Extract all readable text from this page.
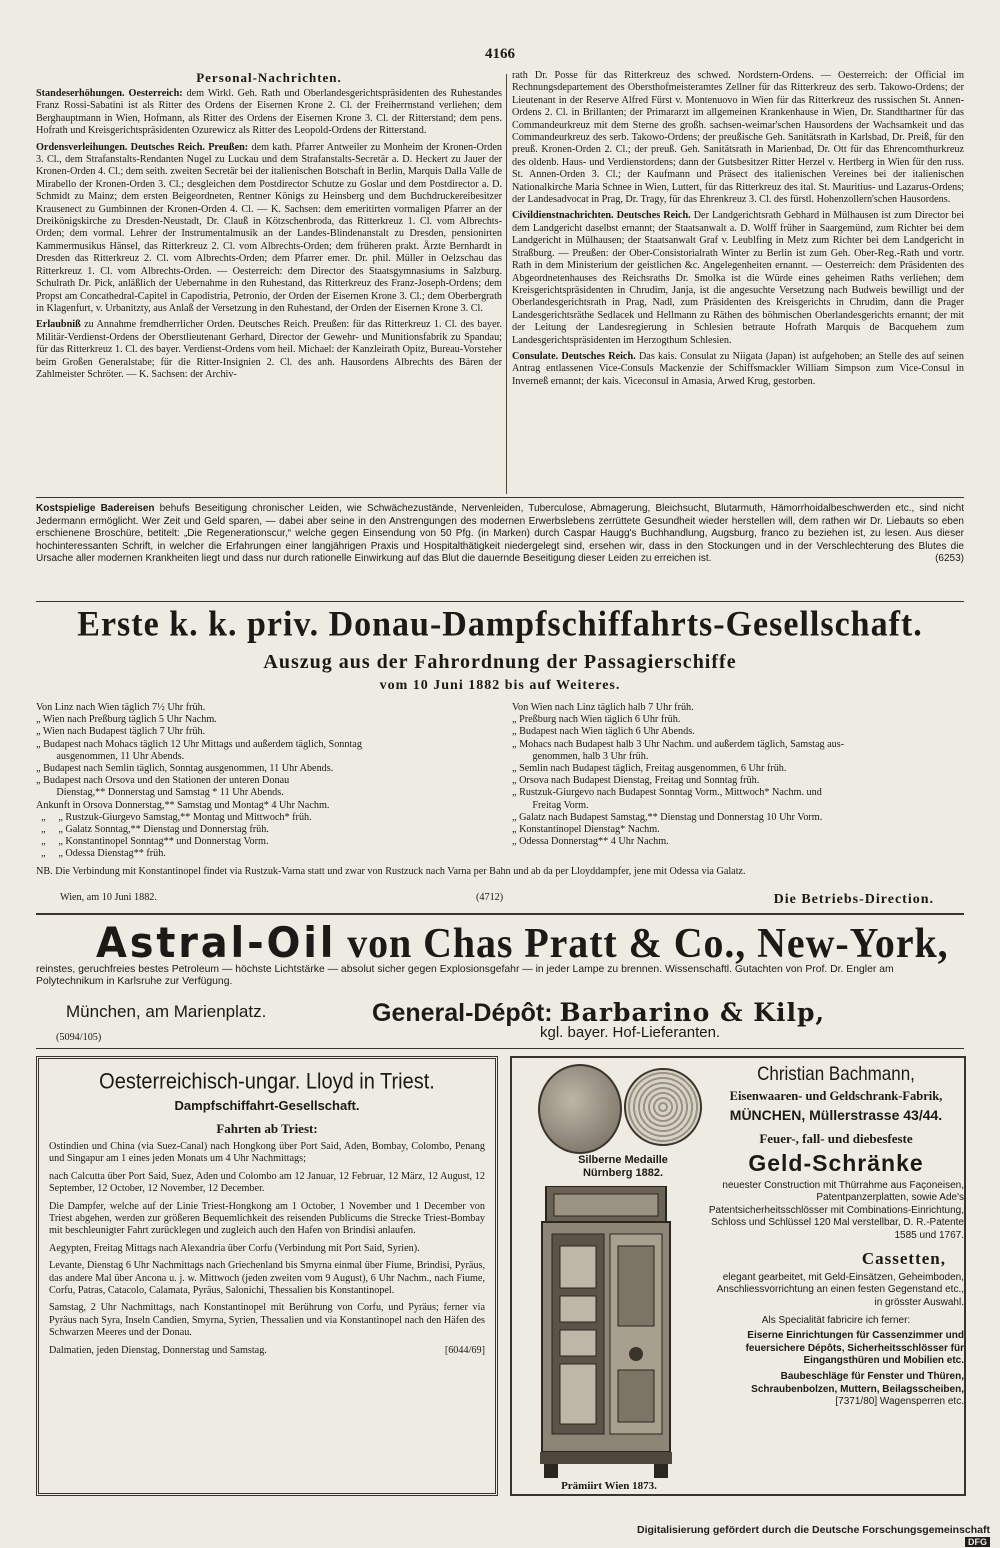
4166
Personal-Nachrichten.

Standeserhöhungen. Oesterreich: dem Wirkl. Geh. Rath und Oberlandesgerichtspräsidenten des Ruhestandes Franz Rossi-Sabatini ist als Ritter des Ordens der Eisernen Krone 2. Cl. der Freiherrnstand verliehen; dem Berghauptmann in Wien, Hofmann, als Ritter des Ordens der Eisernen Krone 3. Cl. der Ritterstand; dem pens. Hofrath und Kreisgerichtspräsidenten Ozurewicz als Ritter des Leopold-Ordens der Ritterstand.

Ordensverleihungen. Deutsches Reich. Preußen: dem kath. Pfarrer Antweiler zu Monheim der Kronen-Orden 3. Cl., dem Strafanstalts-Rendanten Nugel zu Luckau und dem Strafanstalts-Secretär a. D. Heckert zu Jauer der Kronen-Orden 4. Cl.; dem seith. zweiten Secretär bei der italienischen Botschaft in Berlin, Marquis Dalla Valle de Mirabello der Kronen-Orden 3. Cl.; desgleichen dem Postdirector Schutze zu Goslar und dem Postdirector a. D. Schmidt zu Mainz; dem ersten Beigeordneten, Rentner Königs zu Heinsberg und dem Buchdruckereibesitzer Krausenect zu Gumbinnen der Kronen-Orden 4. Cl. — K. Sachsen: dem emeritirten vormaligen Pfarrer an der Dreikönigskirche zu Dresden-Neustadt, Dr. Clauß in Kötzschenbroda, das Ritterkreuz 1. Cl. vom Albrechts-Orden; dem vormal. Lehrer der Instrumentalmusik an der Landes-Blindenanstalt zu Dresden, pensionirten Kammermusikus Hänsel, das Ritterkreuz 2. Cl. vom Albrechts-Orden; dem früheren prakt. Ärzte Bernhardt in Dresden das Ritterkreuz 2. Cl. vom Albrechts-Orden; dem Pfarrer emer. Dr. phil. Müller in Oelzschau das Ritterkreuz 1. Cl. vom Albrechts-Orden. — Oesterreich: dem Director des Staatsgymnasiums in Salzburg. Schulrath Dr. Pick, anläßlich der Uebernahme in den Ruhestand, das Ritterkreuz des Franz-Joseph-Ordens; dem Propst am Concathedral-Capitel in Capodistria, Petronio, der Orden der Eisernen Krone 3. Cl.; dem Oberbergrath in Klagenfurt, v. Urbanitzty, aus Anlaß der Versetzung in den Ruhestand, der Orden der Eisernen Krone 3. Cl.

Erlaubniß zu Annahme fremdherrlicher Orden. Deutsches Reich. Preußen: für das Ritterkreuz 1. Cl. des bayer. Militär-Verdienst-Ordens der Oberstlieutenant Gerhard, Director der Gewehr- und Munitionsfabrik zu Spandau; für das Ritterkreuz 1. Cl. des bayer. Verdienst-Ordens vom heil. Michael: der Kanzleirath Opitz, Bureau-Vorsteher beim Großen Generalstabe; für die Ritter-Insignien 2. Cl. des anh. Hausordens Albrechts des Bären der Zahlmeister Schröter. — K. Sachsen: der Archiv-

rath Dr. Posse für das Ritterkreuz des schwed. Nordstern-Ordens. — Oesterreich: der Official im Rechnungsdepartement des Obersthofmeisteramtes Zellner für das Ritterkreuz des serb. Takowo-Ordens; der Lieutenant in der Reserve Alfred Fürst v. Montenuovo in Wien für das Ritterkreuz des russischen St. Annen-Ordens 2. Cl. in Brillanten; der Primararzt im allgemeinen Krankenhause in Wien, Dr. Standthartner für das Commandeurkreuz mit dem Sterne des großh. sachsen-weimar'schen Hausordens der Wachsamkeit und das Commandeurkreuz des serb. Takowo-Ordens; der preußische Geh. Sanitätsrath in Karlsbad, Dr. Preiß, für den preuß. Kronen-Orden 2. Cl.; der preuß. Geh. Sanitätsrath in Marienbad, Dr. Ott für das Ehrencomthurkreuz des oldenb. Haus- und Verdienstordens; dann der Gutsbesitzer Ritter Herzel v. Hertberg in Wien für den russ. St. Annen-Orden 3. Cl.; der Kaufmann und Präsect des italienischen Vereines bei der italienischen Nationalkirche Maria Schnee in Wien, Luttert, für das Ritterkreuz des ital. St. Mauritius- und Lazarus-Ordens; der Landesadvocat in Prag, Dr. Tragy, für das Ehrenkreuz 3. Cl. des fürstl. Hohenzollern'schen Hausordens.

Civildienstnachrichten. Deutsches Reich. Der Landgerichtsrath Gebhard in Mülhausen ist zum Director bei dem Landgericht daselbst ernannt; der Staatsanwalt a. D. Wolff früher in Saargemünd, zum Richter bei dem Landgericht in Mülhausen; der Staatsanwalt Graf v. Leublfing in Metz zum Richter bei dem Landgericht in Straßburg. — Preußen: der Ober-Consistorialrath Winter zu Berlin ist zum Geh. Ober-Reg.-Rath und vortr. Rath in dem Ministerium der geistlichen &c. Angelegenheiten ernannt. — Oesterreich: dem Präsidenten des Abgeordnetenhauses des Reichsraths Dr. Smolka ist die Würde eines geheimen Raths verliehen; dem Kreisgerichtspräsidenten in Chrudim, Janja, ist die angesuchte Versetzung nach Budweis bewilligt und der Oberlandesgerichtsrath in Prag, Nadl, zum Präsidenten des Kreisgerichts in Chrudim, dann die Prager Landesgerichtsräthe Sedlacek und Hellmann zu Räthen des böhmischen Oberlandesgerichts ernannt; der mit der Leitung der Landesregierung in Schlesien betraute Hofrath Marquis de Bacquehem zum Landesgerichtspräsidenten im Herzogthum Schlesien.

Consulate. Deutsches Reich. Das kais. Consulat zu Niigata (Japan) ist aufgehoben; an Stelle des auf seinen Antrag entlassenen Vice-Consuls Mackenzie der Schiffsmackler William Simpson zum Vice-Consul in Inverneß ernannt; der kais. Viceconsul in Amasia, Arwed Krug, gestorben.

Kostspielige Badereisen behufs Beseitigung chronischer Leiden, wie Schwächezustände, Nervenleiden, Tuberculose, Abmagerung, Bleichsucht, Blutarmuth, Hämorrhoidalbeschwerden etc., sind nicht Jedermann ermöglicht. Wer Zeit und Geld sparen, — dabei aber seine in den Anstrengungen des modernen Erwerbslebens zerrüttete Gesundheit wieder herstellen will, dem rathen wir Dr. Liebauts so eben erschienene Broschüre, betitelt: „Die Regenerationscur,“ welche gegen Einsendung von 50 Pfg. (in Marken) durch Caspar Haugg's Buchhandlung, Augsburg, franco zu beziehen ist, zu lesen. Aus dieser hochinteressanten Schrift, in welcher die Erfahrungen einer langjährigen Praxis und Hospitalthätigkeit niedergelegt sind, ersehen wir, dass in den Stockungen und in der Verschlechterung des Blutes die Ursache aller modernen Krankheiten liegt und dass nur durch rationelle Einwirkung auf das Blut die dauernde Beseitigung dieser Leiden zu erreichen ist.	(6253)
Erste k. k. priv. Donau-Dampfschiffahrts-Gesellschaft.
Auszug aus der Fahrordnung der Passagierschiffe
vom 10 Juni 1882 bis auf Weiteres.
Von Linz nach Wien täglich 7½ Uhr früh.
„ Wien nach Preßburg täglich 5 Uhr Nachm.
„ Wien nach Budapest täglich 7 Uhr früh.
„ Budapest nach Mohacs täglich 12 Uhr Mittags und außerdem täglich, Sonntag
ausgenommen, 11 Uhr Abends.
„ Budapest nach Semlin täglich, Sonntag ausgenommen, 11 Uhr Abends.
„ Budapest nach Orsova und den Stationen der unteren Donau
Dienstag,** Donnerstag und Samstag * 11 Uhr Abends.
Ankunft in Orsova Donnerstag,** Samstag und Montag* 4 Uhr Nachm.
„     „ Rustzuk-Giurgevo Samstag,** Montag und Mittwoch* früh.
„     „ Galatz Sonntag,** Dienstag und Donnerstag früh.
„     „ Konstantinopel Sonntag** und Donnerstag Vorm.
„     „ Odessa Dienstag** früh.
Von Wien nach Linz täglich halb 7 Uhr früh.
„ Preßburg nach Wien täglich 6 Uhr früh.
„ Budapest nach Wien täglich 6 Uhr Abends.
„ Mohacs nach Budapest halb 3 Uhr Nachm. und außerdem täglich, Samstag aus-
genommen, halb 3 Uhr früh.
„ Semlin nach Budapest täglich, Freitag ausgenommen, 6 Uhr früh.
„ Orsova nach Budapest Dienstag, Freitag und Sonntag früh.
„ Rustzuk-Giurgevo nach Budapest Sonntag Vorm., Mittwoch* Nachm. und
Freitag Vorm.
„ Galatz nach Budapest Samstag,** Dienstag und Donnerstag 10 Uhr Vorm.
„ Konstantinopel Dienstag* Nachm.
„ Odessa Donnerstag** 4 Uhr Nachm.
NB. Die Verbindung mit Konstantinopel findet via Rustzuk-Varna statt und zwar von Rustzuck nach Varna per Bahn und ab da per Lloyddampfer, jene mit Odessa via Galatz.
Wien, am 10 Juni 1882.	(4712)	Die Betriebs-Direction.
Astral-Oil von Chas Pratt & Co., New-York,
reinstes, geruchfreies bestes Petroleum — höchste Lichtstärke — absolut sicher gegen Explosionsgefahr — in jeder Lampe zu brennen. Wissenschaftl. Gutachten von Prof. Dr. Engler am Polytechnikum in Karlsruhe zur Verfügung.
München, am Marienplatz.	General-Dépôt: Barbarino & Kilp,
kgl. bayer. Hof-Lieferanten.
(5094/105)
Oesterreichisch-ungar. Lloyd in Triest.
Dampfschiffahrt-Gesellschaft.
Fahrten ab Triest:

Ostindien und China (via Suez-Canal) nach Hongkong über Port Said, Aden, Bombay, Colombo, Penang und Singapur am 1 eines jeden Monats um 4 Uhr Nachmittags;

nach Calcutta über Port Said, Suez, Aden und Colombo am 12 Januar, 12 Februar, 12 März, 12 August, 12 September, 12 October, 12 November, 12 December.

Die Dampfer, welche auf der Linie Triest-Hongkong am 1 October, 1 November und 1 December von Triest abgehen, werden zur größeren Bequemlichkeit des reisenden Publicums die Strecke Triest-Bombay mit beschleunigter Fahrt zurücklegen und zugleich auch den Hafen von Brindisi anlaufen.

Aegypten, Freitag Mittags nach Alexandria über Corfu (Verbindung mit Port Said, Syrien).

Levante, Dienstag 6 Uhr Nachmittags nach Griechenland bis Smyrna einmal über Fiume, Brindisi, Pyräus, das andere Mal über Ancona u. j. w. Mittwoch (jeden zweiten vom 9 August), 6 Uhr Nachm., nach Fiume, Corfu, Patras, Catacolo, Calamata, Pyräus, Salonichi, Thessalien bis Konstantinopel.

Samstag, 2 Uhr Nachmittags, nach Konstantinopel mit Berührung von Corfu, und Pyräus; ferner via Pyräus nach Syra, Inseln Candien, Smyrna, Syrien, Thessalien und via Konstantinopel nach den Häfen des Schwarzen Meeres und der Donau.

Dalmatien, jeden Dienstag, Donnerstag und Samstag.	[6044/69]

Silberne Medaille
Nürnberg 1882.
Prämiirt Wien 1873.
Christian Bachmann,
Eisenwaaren- und Geldschrank-Fabrik,
MÜNCHEN, Müllerstrasse 43/44.
Feuer-, fall- und diebesfeste
Geld-Schränke
neuester Construction mit Thürrahme aus Façoneisen, Patentpanzerplatten, sowie Ade's Patentsicherheitsschlösser mit Combinations-Einrichtung, Schloss und Schlüssel 120 Mal verstellbar, D. R.-Patente 1585 und 1767.
Cassetten,
elegant gearbeitet, mit Geld-Einsätzen, Geheimboden, Anschliessvorrichtung an einen festen Gegenstand etc., in grösster Auswahl.
Als Specialität fabricire ich ferner:
Eiserne Einrichtungen für Cassenzimmer und feuersichere Dépôts, Sicherheitsschlösser für Eingangsthüren und Mobilien etc.
Baubeschläge für Fenster und Thüren, Schraubenbolzen, Muttern, Beilagsscheiben,
[7371/80] Wagensperren etc.
Digitalisierung gefördert durch die Deutsche ForschungsgemeinschaftDFG
